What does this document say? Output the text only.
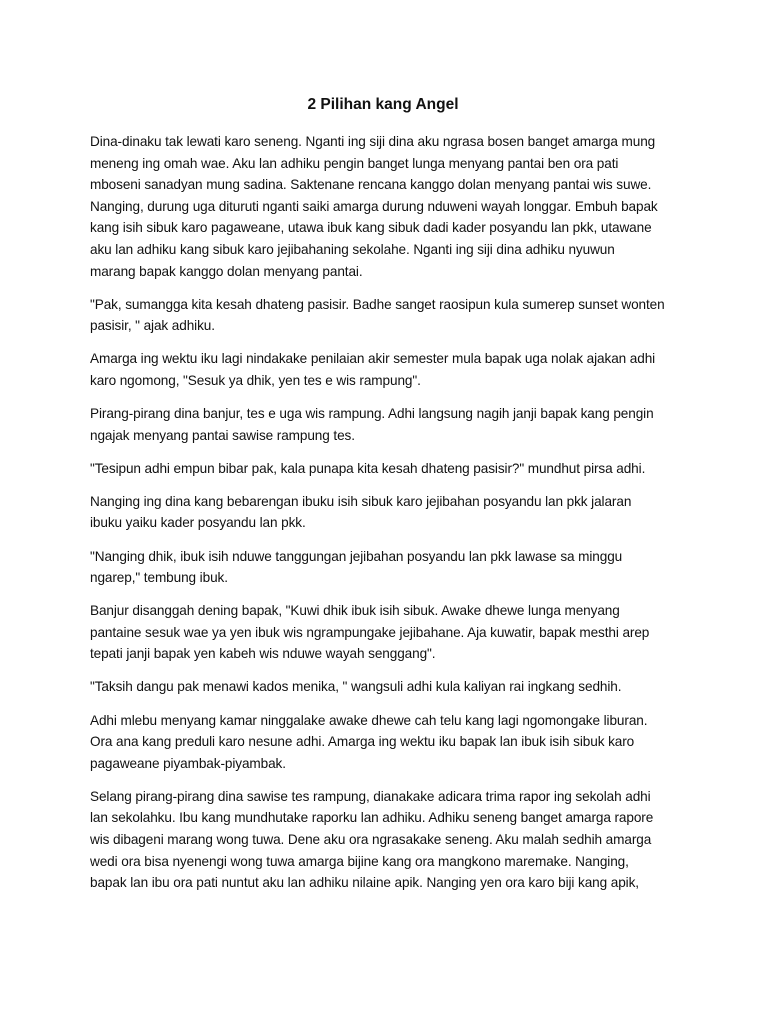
2 Pilihan kang Angel

Dina-dinaku tak lewati karo seneng. Nganti ing siji dina aku ngrasa bosen banget amarga mung
meneng ing omah wae. Aku lan adhiku pengin banget lunga menyang pantai ben ora pati
mboseni sanadyan mung sadina. Saktenane rencana kanggo dolan menyang pantai wis suwe.
Nanging, durung uga dituruti nganti saiki amarga durung nduweni wayah longgar. Embuh bapak
kang isih sibuk karo pagaweane, utawa ibuk kang sibuk dadi kader posyandu lan pkk, utawane
aku lan adhiku kang sibuk karo jejibahaning sekolahe. Nganti ing siji dina adhiku nyuwun
marang bapak kanggo dolan menyang pantai.

"Pak, sumangga kita kesah dhateng pasisir. Badhe sanget raosipun kula sumerep sunset wonten
pasisir, " ajak adhiku.

Amarga ing wektu iku lagi nindakake penilaian akir semester mula bapak uga nolak ajakan adhi
karo ngomong, "Sesuk ya dhik, yen tes e wis rampung".

Pirang-pirang dina banjur, tes e uga wis rampung. Adhi langsung nagih janji bapak kang pengin
ngajak menyang pantai sawise rampung tes.

"Tesipun adhi empun bibar pak, kala punapa kita kesah dhateng pasisir?" mundhut pirsa adhi.

Nanging ing dina kang bebarengan ibuku isih sibuk karo jejibahan posyandu lan pkk jalaran
ibuku yaiku kader posyandu lan pkk.

"Nanging dhik, ibuk isih nduwe tanggungan jejibahan posyandu lan pkk lawase sa minggu
ngarep," tembung ibuk.

Banjur disanggah dening bapak, "Kuwi dhik ibuk isih sibuk. Awake dhewe lunga menyang
pantaine sesuk wae ya yen ibuk wis ngrampungake jejibahane. Aja kuwatir, bapak mesthi arep
tepati janji bapak yen kabeh wis nduwe wayah senggang".

"Taksih dangu pak menawi kados menika, " wangsuli adhi kula kaliyan rai ingkang sedhih.

Adhi mlebu menyang kamar ninggalake awake dhewe cah telu kang lagi ngomongake liburan.
Ora ana kang preduli karo nesune adhi. Amarga ing wektu iku bapak lan ibuk isih sibuk karo
pagaweane piyambak-piyambak.

Selang pirang-pirang dina sawise tes rampung, dianakake adicara trima rapor ing sekolah adhi
lan sekolahku. Ibu kang mundhutake raporku lan adhiku. Adhiku seneng banget amarga rapore
wis dibageni marang wong tuwa. Dene aku ora ngrasakake seneng. Aku malah sedhih amarga
wedi ora bisa nyenengi wong tuwa amarga bijine kang ora mangkono maremake. Nanging,
bapak lan ibu ora pati nuntut aku lan adhiku nilaine apik. Nanging yen ora karo biji kang apik,
